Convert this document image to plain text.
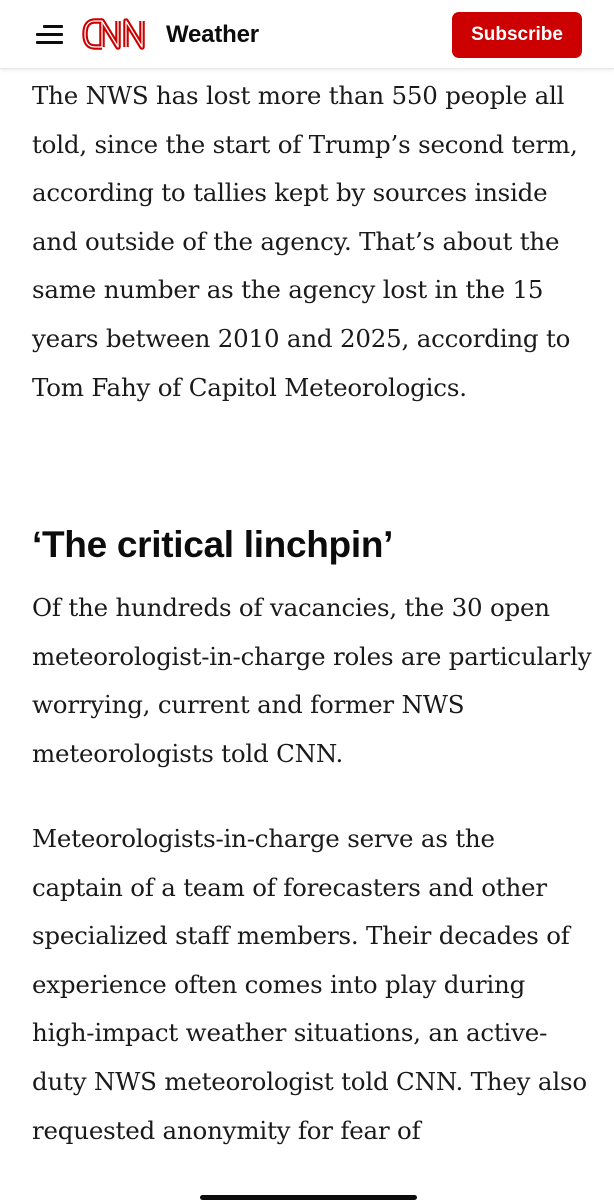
Weather	Subscribe

The NWS has lost more than 550 people all told, since the start of Trump’s second term, according to tallies kept by sources inside and outside of the agency. That’s about the same number as the agency lost in the 15 years between 2010 and 2025, according to Tom Fahy of Capitol Meteorologics.

‘The critical linchpin’

Of the hundreds of vacancies, the 30 open meteorologist-in-charge roles are particularly worrying, current and former NWS meteorologists told CNN.

Meteorologists-in-charge serve as the captain of a team of forecasters and other specialized staff members. Their decades of experience often comes into play during high-impact weather situations, an active-duty NWS meteorologist told CNN. They also requested anonymity for fear of
